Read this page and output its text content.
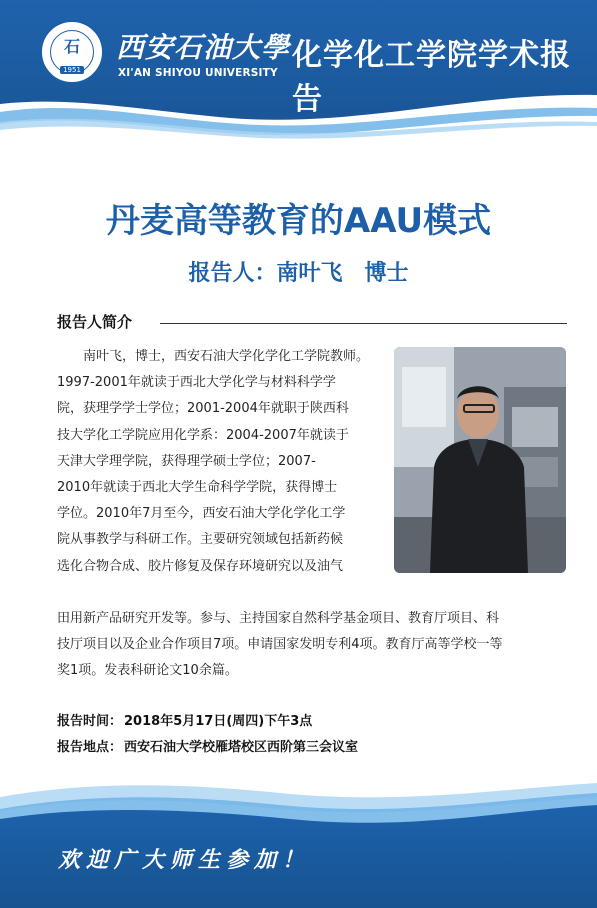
石
1951
西安石油大學
XI'AN SHIYOU UNIVERSITY 化学化工学院学术报告
丹麦高等教育的AAU模式
报告人：南叶飞 博士
报告人简介

南叶飞，博士，西安石油大学化学化工学院教师。

1997-2001年就读于西北大学化学与材料科学学

院，获理学学士学位；2001-2004年就职于陕西科

技大学化工学院应用化学系：2004-2007年就读于

天津大学理学院，获得理学硕士学位；2007-

2010年就读于西北大学生命科学学院，获得博士

学位。2010年7月至今，西安石油大学化学化工学

院从事教学与科研工作。主要研究领域包括新药候

选化合物合成、胶片修复及保存环境研究以及油气

田用新产品研究开发等。参与、主持国家自然科学基金项目、教育厅项目、科

技厅项目以及企业合作项目7项。申请国家发明专利4项。教育厅高等学校一等

奖1项。发表科研论文10余篇。

报告时间： 2018年5月17日(周四)下午3点
报告地点： 西安石油大学校雁塔校区西阶第三会议室
欢迎广大师生参加！
